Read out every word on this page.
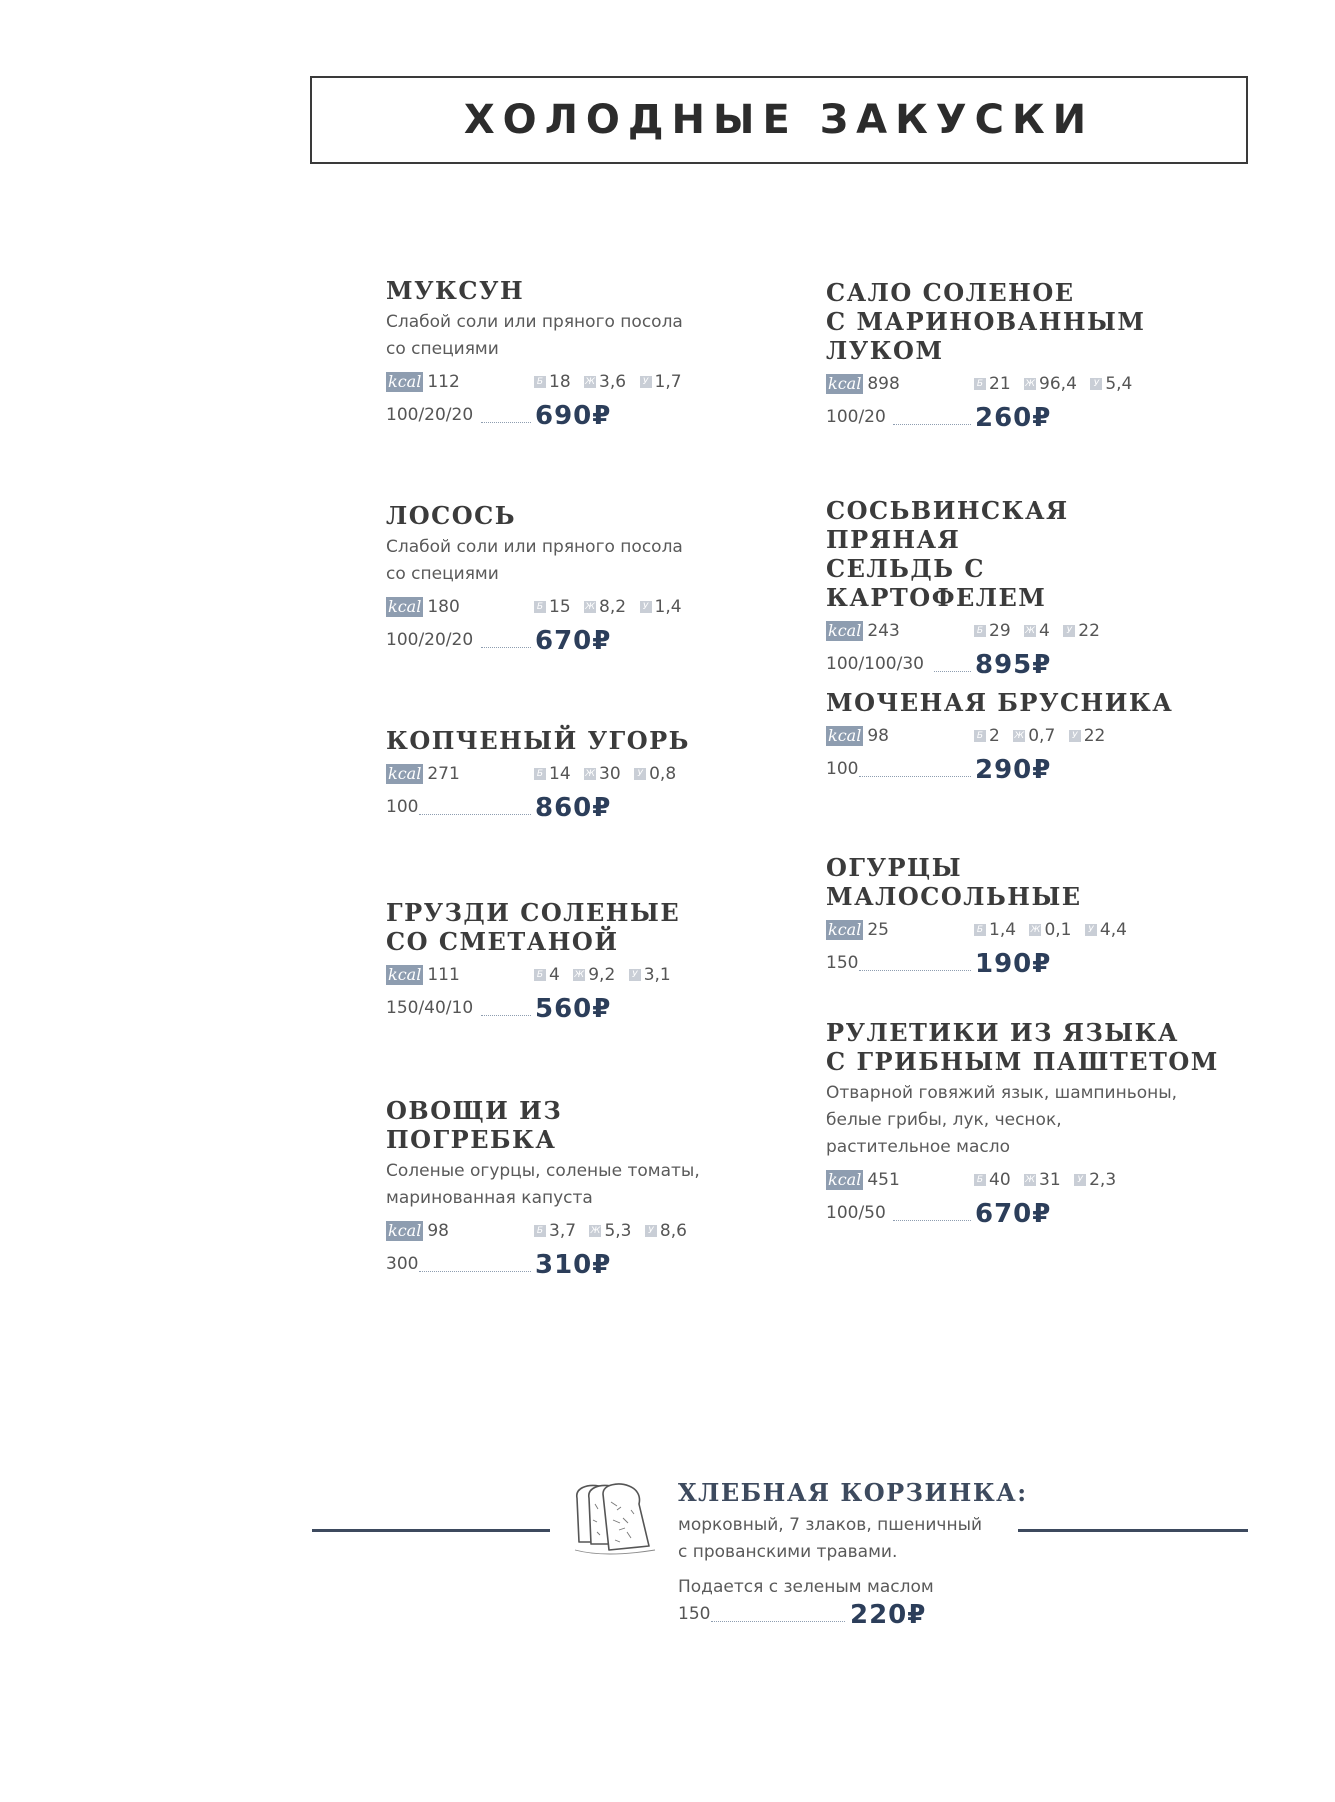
ХОЛОДНЫЕ ЗАКУСКИ
МУКСУН
Слабой соли или пряного посола
со специями
kcal 112	Б 18 Ж 3,6 У 1,7
100/20/20 690₽
ЛОСОСЬ
Слабой соли или пряного посола
со специями
kcal 180	Б 15 Ж 8,2 У 1,4
100/20/20 670₽
КОПЧЕНЫЙ УГОРЬ
kcal 271	Б 14 Ж 30 У 0,8
100	860₽
ГРУЗДИ СОЛЕНЫЕ
СО СМЕТАНОЙ
kcal 111	Б 4 Ж 9,2 У 3,1
150/40/10 560₽
ОВОЩИ ИЗ ПОГРЕБКА
Соленые огурцы, соленые томаты,
маринованная капуста
kcal 98	Б 3,7 Ж 5,3 У 8,6
300	310₽
САЛО СОЛЕНОЕ
С МАРИНОВАННЫМ
ЛУКОМ
kcal 898	Б 21 Ж 96,4 У 5,4
100/20	260₽
СОСЬВИНСКАЯ ПРЯНАЯ
СЕЛЬДЬ С КАРТОФЕЛЕМ
kcal 243	Б 29 Ж 4 У 22
100/100/30 895₽
МОЧЕНАЯ БРУСНИКА
kcal 98	Б 2 Ж 0,7 У 22
100	290₽
ОГУРЦЫ МАЛОСОЛЬНЫЕ
kcal 25	Б 1,4 Ж 0,1 У 4,4
150	190₽
РУЛЕТИКИ ИЗ ЯЗЫКА
С ГРИБНЫМ ПАШТЕТОМ
Отварной говяжий язык, шампиньоны,
белые грибы, лук, чеснок,
растительное масло
kcal 451	Б 40 Ж 31 У 2,3
100/50	670₽
ХЛЕБНАЯ КОРЗИНКА:
морковный, 7 злаков, пшеничный
с прованскими травами.
Подается с зеленым маслом
150	220₽
